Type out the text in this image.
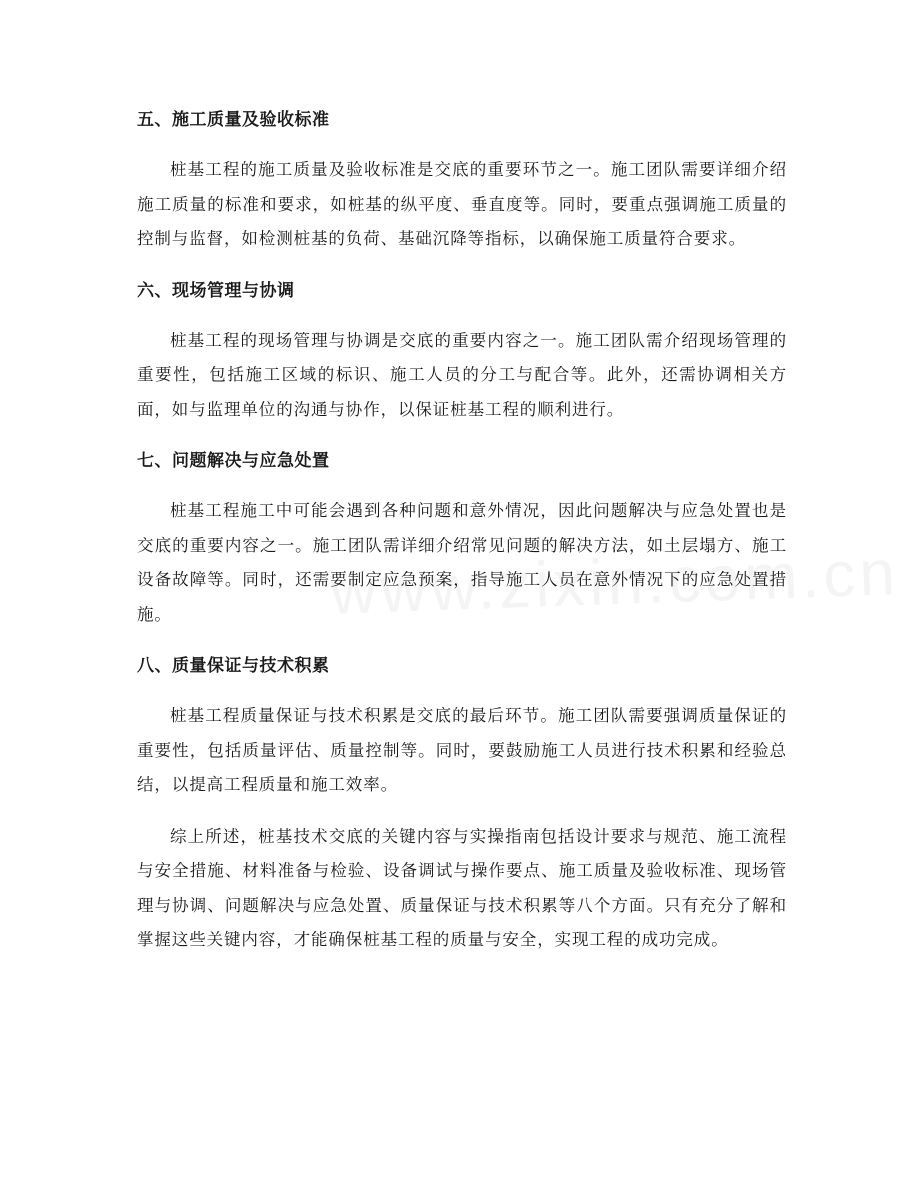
五、施工质量及验收标准

桩基工程的施工质量及验收标准是交底的重要环节之一。施工团队需要详细介绍施工质量的标准和要求，如桩基的纵平度、垂直度等。同时，要重点强调施工质量的控制与监督，如检测桩基的负荷、基础沉降等指标，以确保施工质量符合要求。

六、现场管理与协调

桩基工程的现场管理与协调是交底的重要内容之一。施工团队需介绍现场管理的重要性，包括施工区域的标识、施工人员的分工与配合等。此外，还需协调相关方面，如与监理单位的沟通与协作，以保证桩基工程的顺利进行。

七、问题解决与应急处置

桩基工程施工中可能会遇到各种问题和意外情况，因此问题解决与应急处置也是交底的重要内容之一。施工团队需详细介绍常见问题的解决方法，如土层塌方、施工设备故障等。同时，还需要制定应急预案，指导施工人员在意外情况下的应急处置措施。

八、质量保证与技术积累

桩基工程质量保证与技术积累是交底的最后环节。施工团队需要强调质量保证的重要性，包括质量评估、质量控制等。同时，要鼓励施工人员进行技术积累和经验总结，以提高工程质量和施工效率。

综上所述，桩基技术交底的关键内容与实操指南包括设计要求与规范、施工流程与安全措施、材料准备与检验、设备调试与操作要点、施工质量及验收标准、现场管理与协调、问题解决与应急处置、质量保证与技术积累等八个方面。只有充分了解和掌握这些关键内容，才能确保桩基工程的质量与安全，实现工程的成功完成。
